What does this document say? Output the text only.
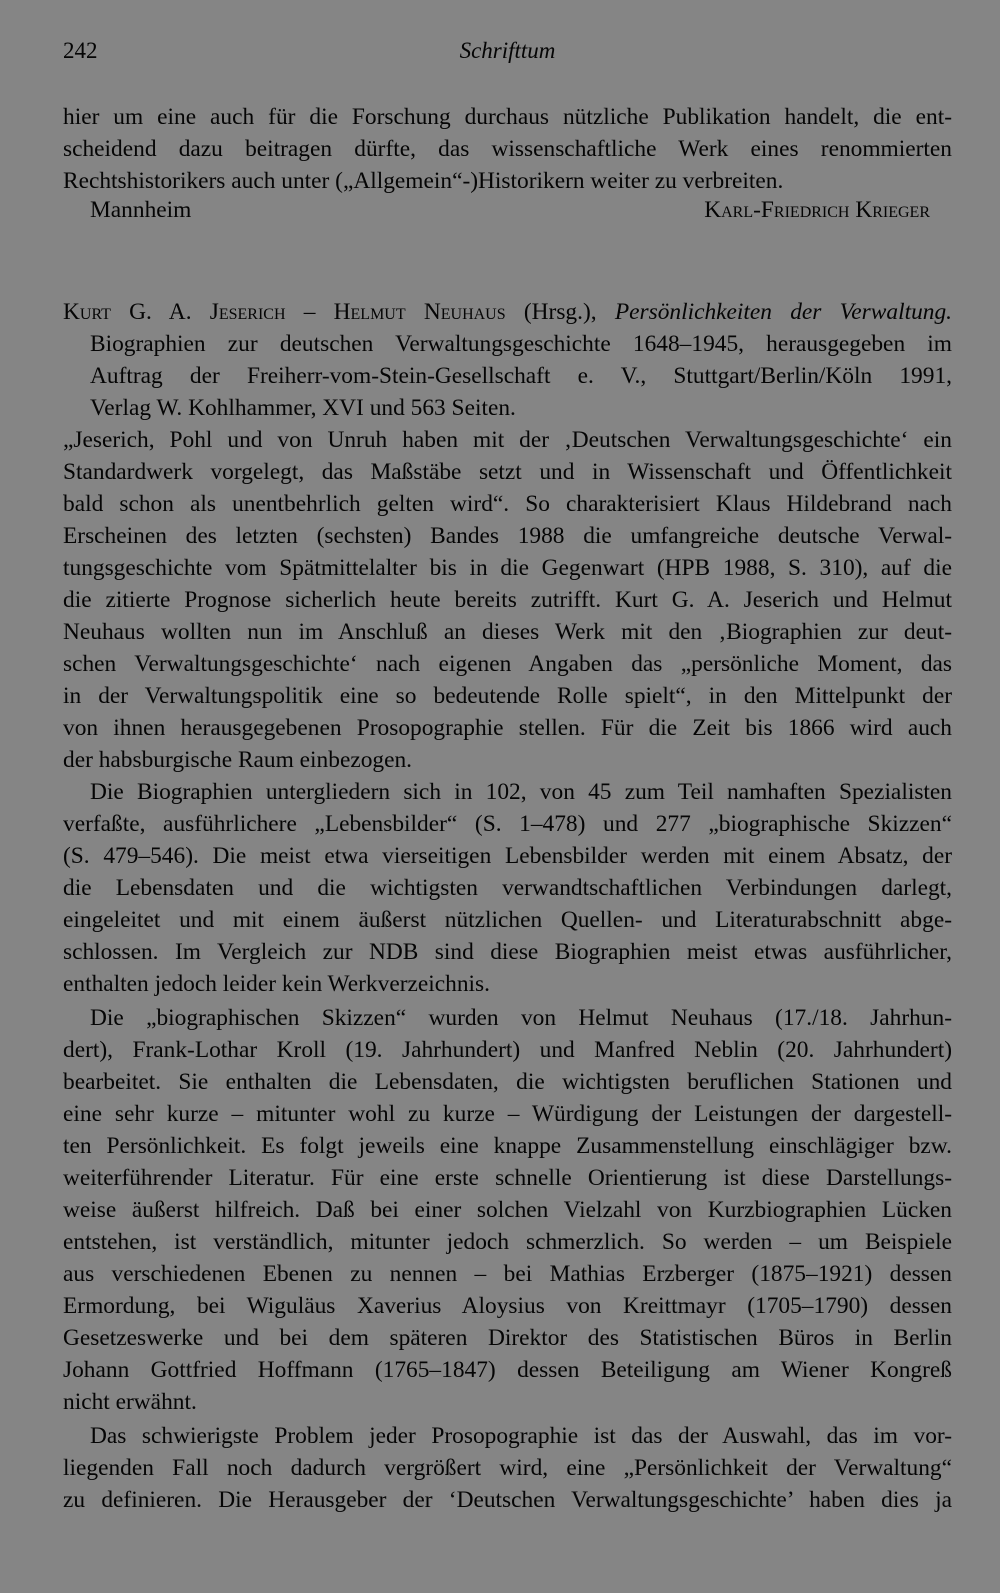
242	Schrifttum
hier um eine auch für die Forschung durchaus nützliche Publikation handelt, die ent-
scheidend dazu beitragen dürfte, das wissenschaftliche Werk eines renommierten
Rechtshistorikers auch unter („Allgemein“-)Historikern weiter zu verbreiten.
Mannheim	Karl-Friedrich Krieger
Kurt G. A. Jeserich – Helmut Neuhaus (Hrsg.), Persönlichkeiten der Verwaltung.
Biographien zur deutschen Verwaltungsgeschichte 1648–1945, herausgegeben im
Auftrag der Freiherr-vom-Stein-Gesellschaft e. V., Stuttgart/Berlin/Köln 1991,
Verlag W. Kohlhammer, XVI und 563 Seiten.
„Jeserich, Pohl und von Unruh haben mit der ‚Deutschen Verwaltungsgeschichte‘ ein
Standardwerk vorgelegt, das Maßstäbe setzt und in Wissenschaft und Öffentlichkeit
bald schon als unentbehrlich gelten wird“. So charakterisiert Klaus Hildebrand nach
Erscheinen des letzten (sechsten) Bandes 1988 die umfangreiche deutsche Verwal-
tungsgeschichte vom Spätmittelalter bis in die Gegenwart (HPB 1988, S. 310), auf die
die zitierte Prognose sicherlich heute bereits zutrifft. Kurt G. A. Jeserich und Helmut
Neuhaus wollten nun im Anschluß an dieses Werk mit den ‚Biographien zur deut-
schen Verwaltungsgeschichte‘ nach eigenen Angaben das „persönliche Moment, das
in der Verwaltungspolitik eine so bedeutende Rolle spielt“, in den Mittelpunkt der
von ihnen herausgegebenen Prosopographie stellen. Für die Zeit bis 1866 wird auch
der habsburgische Raum einbezogen.
Die Biographien untergliedern sich in 102, von 45 zum Teil namhaften Spezialisten
verfaßte, ausführlichere „Lebensbilder“ (S. 1–478) und 277 „biographische Skizzen“
(S. 479–546). Die meist etwa vierseitigen Lebensbilder werden mit einem Absatz, der
die Lebensdaten und die wichtigsten verwandtschaftlichen Verbindungen darlegt,
eingeleitet und mit einem äußerst nützlichen Quellen- und Literaturabschnitt abge-
schlossen. Im Vergleich zur NDB sind diese Biographien meist etwas ausführlicher,
enthalten jedoch leider kein Werkverzeichnis.
Die „biographischen Skizzen“ wurden von Helmut Neuhaus (17./18. Jahrhun-
dert), Frank-Lothar Kroll (19. Jahrhundert) und Manfred Neblin (20. Jahrhundert)
bearbeitet. Sie enthalten die Lebensdaten, die wichtigsten beruflichen Stationen und
eine sehr kurze – mitunter wohl zu kurze – Würdigung der Leistungen der dargestell-
ten Persönlichkeit. Es folgt jeweils eine knappe Zusammenstellung einschlägiger bzw.
weiterführender Literatur. Für eine erste schnelle Orientierung ist diese Darstellungs-
weise äußerst hilfreich. Daß bei einer solchen Vielzahl von Kurzbiographien Lücken
entstehen, ist verständlich, mitunter jedoch schmerzlich. So werden – um Beispiele
aus verschiedenen Ebenen zu nennen – bei Mathias Erzberger (1875–1921) dessen
Ermordung, bei Wiguläus Xaverius Aloysius von Kreittmayr (1705–1790) dessen
Gesetzeswerke und bei dem späteren Direktor des Statistischen Büros in Berlin
Johann Gottfried Hoffmann (1765–1847) dessen Beteiligung am Wiener Kongreß
nicht erwähnt.
Das schwierigste Problem jeder Prosopographie ist das der Auswahl, das im vor-
liegenden Fall noch dadurch vergrößert wird, eine „Persönlichkeit der Verwaltung“
zu definieren. Die Herausgeber der ‘Deutschen Verwaltungsgeschichte’ haben dies ja
